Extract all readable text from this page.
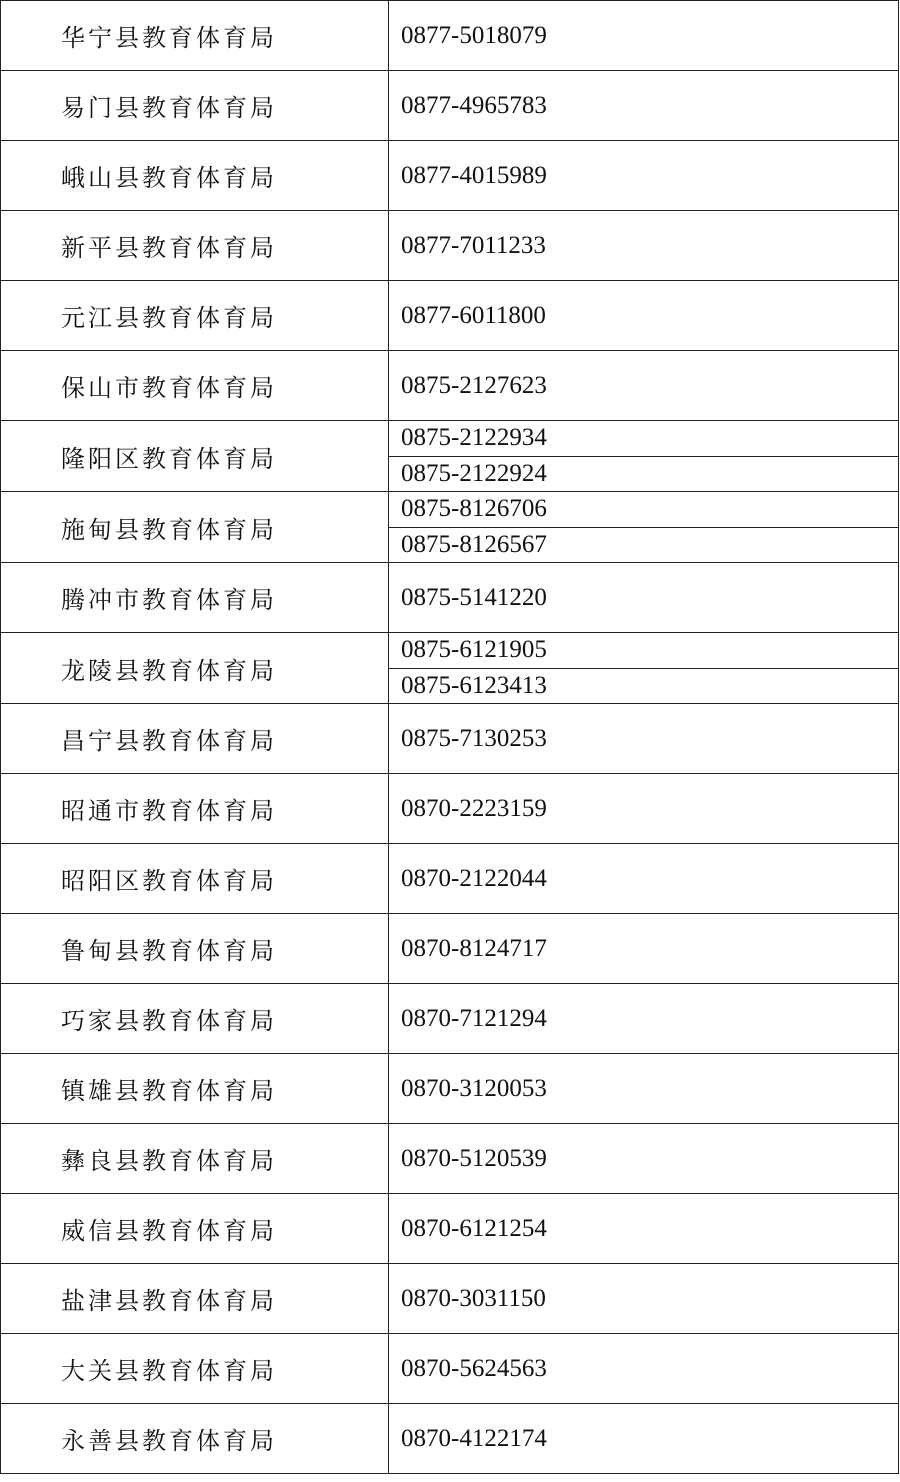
华宁县教育体育局	0877-5018079
易门县教育体育局	0877-4965783
峨山县教育体育局	0877-4015989
新平县教育体育局	0877-7011233
元江县教育体育局	0877-6011800
保山市教育体育局	0875-2127623
隆阳区教育体育局	0875-2122934
	0875-2122924
施甸县教育体育局	0875-8126706
	0875-8126567
腾冲市教育体育局	0875-5141220
龙陵县教育体育局	0875-6121905
	0875-6123413
昌宁县教育体育局	0875-7130253
昭通市教育体育局	0870-2223159
昭阳区教育体育局	0870-2122044
鲁甸县教育体育局	0870-8124717
巧家县教育体育局	0870-7121294
镇雄县教育体育局	0870-3120053
彝良县教育体育局	0870-5120539
威信县教育体育局	0870-6121254
盐津县教育体育局	0870-3031150
大关县教育体育局	0870-5624563
永善县教育体育局	0870-4122174
